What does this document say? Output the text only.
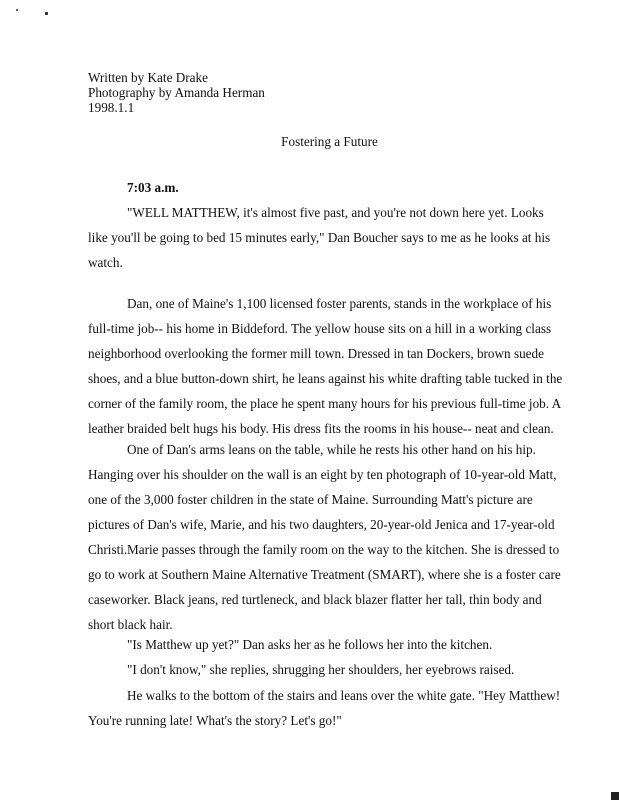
Written by Kate Drake
Photography by Amanda Herman
1998.1.1
Fostering a Future
7:03 a.m.
"WELL MATTHEW, it's almost five past, and you're not down here yet. Looks
like you'll be going to bed 15 minutes early," Dan Boucher says to me as he looks at his
watch.
Dan, one of Maine's 1,100 licensed foster parents, stands in the workplace of his
full-time job-- his home in Biddeford. The yellow house sits on a hill in a working class
neighborhood overlooking the former mill town. Dressed in tan Dockers, brown suede
shoes, and a blue button-down shirt, he leans against his white drafting table tucked in the
corner of the family room, the place he spent many hours for his previous full-time job. A
leather braided belt hugs his body. His dress fits the rooms in his house-- neat and clean.
One of Dan's arms leans on the table, while he rests his other hand on his hip.
Hanging over his shoulder on the wall is an eight by ten photograph of 10-year-old Matt,
one of the 3,000 foster children in the state of Maine. Surrounding Matt's picture are
pictures of Dan's wife, Marie, and his two daughters, 20-year-old Jenica and 17-year-old
Christi. Marie passes through the family room on the way to the kitchen. She is dressed to
go to work at Southern Maine Alternative Treatment (SMART), where she is a foster care
caseworker. Black jeans, red turtleneck, and black blazer flatter her tall, thin body and
short black hair.
"Is Matthew up yet?" Dan asks her as he follows her into the kitchen.
"I don't know," she replies, shrugging her shoulders, her eyebrows raised.
He walks to the bottom of the stairs and leans over the white gate. "Hey Matthew!
You're running late! What's the story? Let's go!"
